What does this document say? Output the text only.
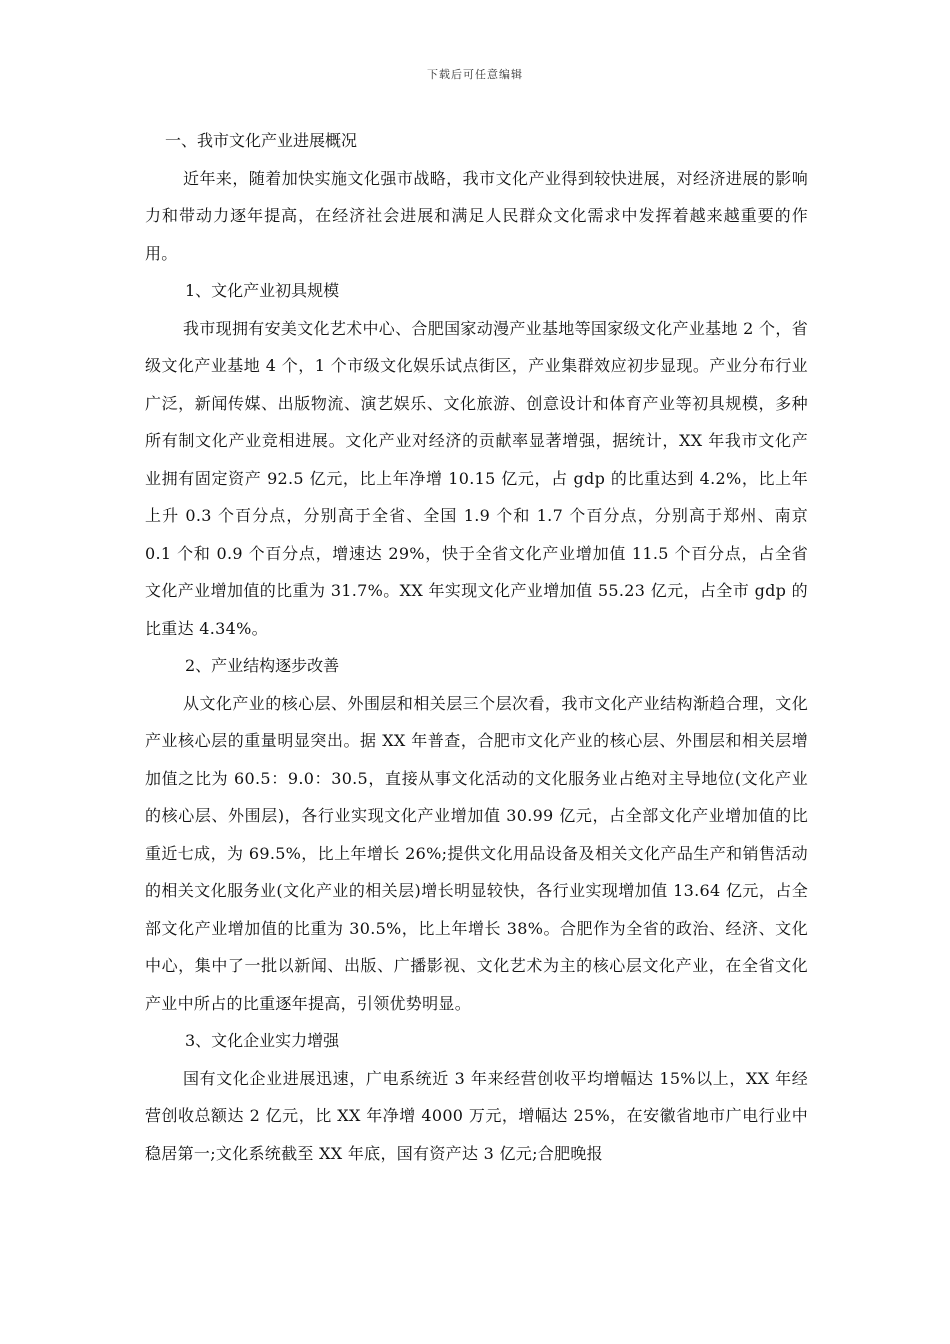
下载后可任意编辑

一、我市文化产业进展概况

近年来，随着加快实施文化强市战略，我市文化产业得到较快进展，对经济进展的影响力和带动力逐年提高，在经济社会进展和满足人民群众文化需求中发挥着越来越重要的作用。

1、文化产业初具规模

我市现拥有安美文化艺术中心、合肥国家动漫产业基地等国家级文化产业基地 2 个，省级文化产业基地 4 个，1 个市级文化娱乐试点街区，产业集群效应初步显现。产业分布行业广泛，新闻传媒、出版物流、演艺娱乐、文化旅游、创意设计和体育产业等初具规模，多种所有制文化产业竞相进展。文化产业对经济的贡献率显著增强，据统计，XX 年我市文化产业拥有固定资产 92.5 亿元，比上年净增 10.15 亿元，占 gdp 的比重达到 4.2%，比上年上升 0.3 个百分点，分别高于全省、全国 1.9 个和 1.7 个百分点，分别高于郑州、南京 0.1 个和 0.9 个百分点，增速达 29%，快于全省文化产业增加值 11.5 个百分点，占全省文化产业增加值的比重为 31.7%。XX 年实现文化产业增加值 55.23 亿元，占全市 gdp 的比重达 4.34%。

2、产业结构逐步改善

从文化产业的核心层、外围层和相关层三个层次看，我市文化产业结构渐趋合理，文化产业核心层的重量明显突出。据 XX 年普查，合肥市文化产业的核心层、外围层和相关层增加值之比为 60.5：9.0：30.5，直接从事文化活动的文化服务业占绝对主导地位(文化产业的核心层、外围层)，各行业实现文化产业增加值 30.99 亿元，占全部文化产业增加值的比重近七成，为 69.5%，比上年增长 26%;提供文化用品设备及相关文化产品生产和销售活动的相关文化服务业(文化产业的相关层)增长明显较快，各行业实现增加值 13.64 亿元，占全部文化产业增加值的比重为 30.5%，比上年增长 38%。合肥作为全省的政治、经济、文化中心，集中了一批以新闻、出版、广播影视、文化艺术为主的核心层文化产业，在全省文化产业中所占的比重逐年提高，引领优势明显。

3、文化企业实力增强

国有文化企业进展迅速，广电系统近 3 年来经营创收平均增幅达 15%以上，XX 年经营创收总额达 2 亿元，比 XX 年净增 4000 万元，增幅达 25%，在安徽省地市广电行业中稳居第一;文化系统截至 XX 年底，国有资产达 3 亿元;合肥晚报
